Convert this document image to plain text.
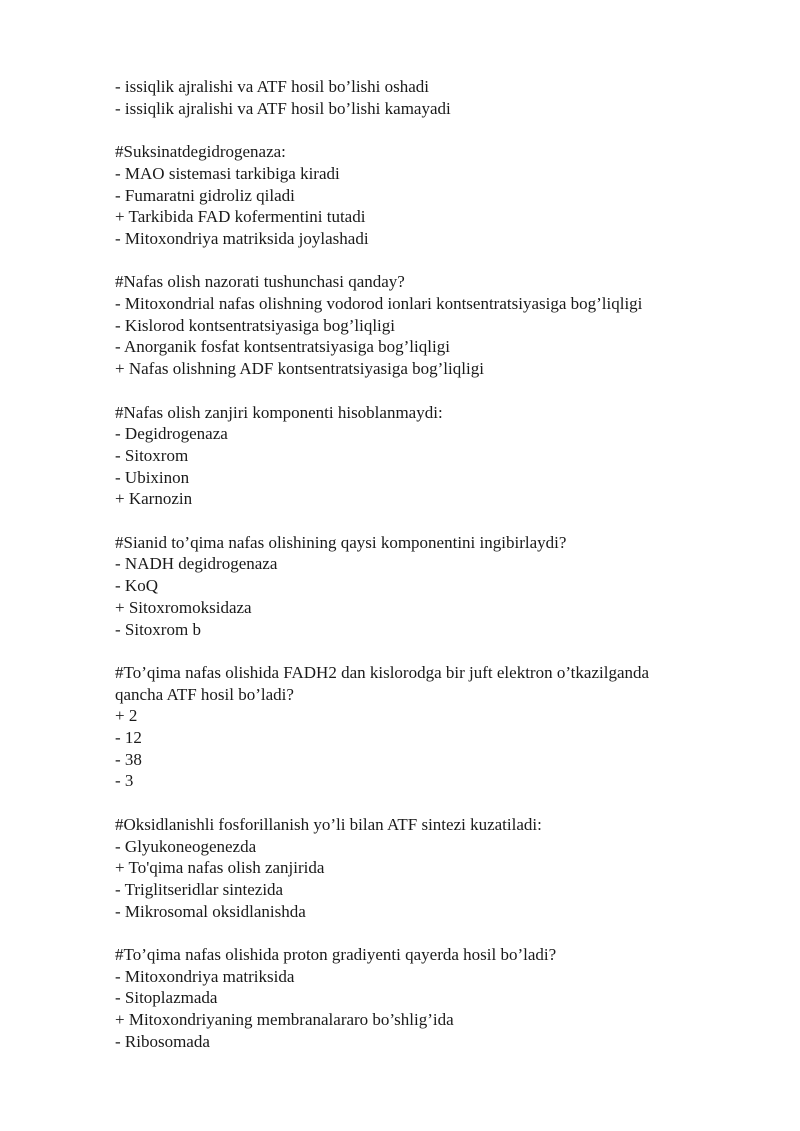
- issiqlik ajralishi va ATF hosil bo’lishi oshadi

- issiqlik ajralishi va ATF hosil bo’lishi kamayadi

#Suksinatdegidrogenaza:

- MAO sistemasi tarkibiga kiradi

- Fumaratni gidroliz qiladi

+ Tarkibida FAD kofermentini tutadi

- Mitoxondriya matriksida joylashadi

#Nafas olish nazorati tushunchasi qanday?

- Mitoxondrial nafas olishning vodorod ionlari kontsentratsiyasiga bog’liqligi

- Kislorod kontsentratsiyasiga bog’liqligi

- Anorganik fosfat kontsentratsiyasiga bog’liqligi

+ Nafas olishning ADF kontsentratsiyasiga bog’liqligi

#Nafas olish zanjiri komponenti hisoblanmaydi:

- Degidrogenaza

- Sitoxrom

- Ubixinon

+ Karnozin

#Sianid to’qima nafas olishining qaysi komponentini ingibirlaydi?

- NADH degidrogenaza

- KoQ

+ Sitoxromoksidaza

- Sitoxrom b

#To’qima nafas olishida FADH2 dan kislorodga bir juft elektron o’tkazilganda

qancha ATF hosil bo’ladi?

+ 2

- 12

- 38

- 3

#Oksidlanishli fosforillanish yo’li bilan ATF sintezi kuzatiladi:

- Glyukoneogenezda

+ To'qima nafas olish zanjirida

- Triglitseridlar sintezida

- Mikrosomal oksidlanishda

#To’qima nafas olishida proton gradiyenti qayerda hosil bo’ladi?

- Mitoxondriya matriksida

- Sitoplazmada

+ Mitoxondriyaning membranalararo bo’shlig’ida

- Ribosomada
